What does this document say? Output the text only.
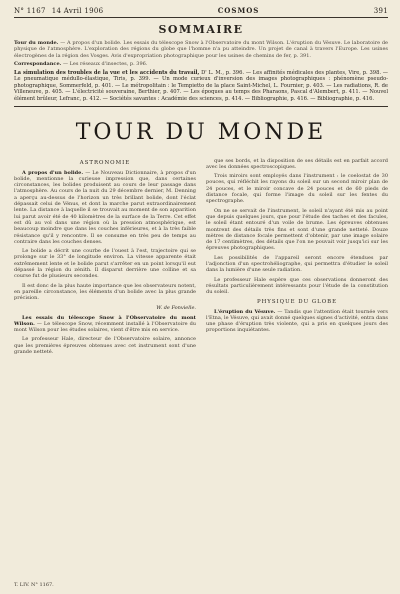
N° 1167 14 Avril 1906	COSMOS	391
SOMMAIRE

Tour du monde. — A propos d'un bolide. Les essais du télescope Snow à l'Observatoire du mont Wilson. L'éruption du Vésuve. Le laboratoire de physique de l'atmosphère. L'exploration des régions du globe que l'homme n'a pu atteindre. Un projet de canal à travers l'Europe. Les usines électrogènes de la région des Vosges. Avis d'expropriation photographique pour les usines de chemins de fer, p. 391.

Correspondance. — Les réseaux d'insectes, p. 396.

La simulation des troubles de la vue et les accidents du travail, D' L. M., p. 396. — Les affinités médicales des plantes, Vire, p. 398. — Le pneumatique médullo-élastique, Tiris, p. 399. — Un mode curieux d'inversion des images photographiques : phénomène pseudo-photographique, Sommerfeld, p. 401. — Le métropolitain : le Tempietto de la place Saint-Michel, L. Fournier, p. 403. — Les radiations, R. de Villeneuve, p. 405. — L'électricité souveraine, Berthier, p. 407. — Les époques au temps des Pharaons, Pascal d'Alembert, p. 411. — Nouvel élément brûleur, Lefranc, p. 412. — Sociétés savantes : Académie des sciences, p. 414. — Bibliographie, p. 416. — Bibliographie, p. 416.

TOUR DU MONDE
ASTRONOMIE

A propos d'un bolide. — Le Nouveau Dictionnaire, à propos d'un bolide, mentionne la curieuse impression que, dans certaines circonstances, les bolides produisent au cours de leur passage dans l'atmosphère. Au cours de la nuit du 29 décembre dernier, M. Denning a aperçu au-dessus de l'horizon un très brillant bolide, dont l'éclat dépassait celui de Vénus, et dont la marche parut extraordinairement lente. La distance à laquelle il se trouvait au moment de son apparition lui parut avoir été de 40 kilomètres de la surface de la Terre. Cet effet est dû au vol dans une région où la pression atmosphérique, est beaucoup moindre que dans les couches inférieures, et à la très faible résistance qu'il y rencontre. Il se consume en très peu de temps au contraire dans les couches denses.

Le bolide a décrit une courbe de l'ouest à l'est, trajectoire qui se prolonge sur le 33° de longitude environ. La vitesse apparente était extrêmement lente et le bolide parut s'arrêter en un point lorsqu'il eut dépassé la région du zénith. Il disparut derrière une colline et sa course fut de plusieurs secondes.

Il est donc de la plus haute importance que les observateurs notent, en pareille circonstance, les éléments d'un bolide avec la plus grande précision.

W. de Fonvielle.

Les essais du télescope Snow à l'Observatoire du mont Wilson. — Le télescope Snow, récemment installé à l'Observatoire du mont Wilson pour les études solaires, vient d'être mis en service.

Le professeur Hale, directeur de l'Observatoire solaire, annonce que les premières épreuves obtenues avec cet instrument sont d'une grande netteté.

que ses bords, et la disposition de ses détails est en parfait accord avec les données spectroscopiques.

Trois miroirs sont employés dans l'instrument : le coelostat de 30 pouces, qui réfléchit les rayons du soleil sur un second miroir plan de 24 pouces, et le miroir concave de 24 pouces et de 60 pieds de distance focale, qui forme l'image du soleil sur les fentes du spectrographe.

On ne se servait de l'instrument, le soleil n'ayant été mis au point que depuis quelques jours, que pour l'étude des taches et des facules, le soleil étant entouré d'un voile de brume. Les épreuves obtenues montrent des détails très fins et sont d'une grande netteté. Douze mètres de distance focale permettent d'obtenir, par une image solaire de 17 centimètres, des détails que l'on ne pouvait voir jusqu'ici sur les épreuves photographiques.

Les possibilités de l'appareil seront encore étendues par l'adjonction d'un spectrohéliographe, qui permettra d'étudier le soleil dans la lumière d'une seule radiation.

Le professeur Hale espère que ces observations donneront des résultats particulièrement intéressants pour l'étude de la constitution du soleil.

PHYSIQUE DU GLOBE

L'éruption du Vésuve. — Tandis que l'attention était tournée vers l'Etna, le Vésuve, qui avait donné quelques signes d'activité, entra dans une phase d'éruption très violente, qui a pris en quelques jours des proportions inquiétantes.

T. LIV. N° 1167.
